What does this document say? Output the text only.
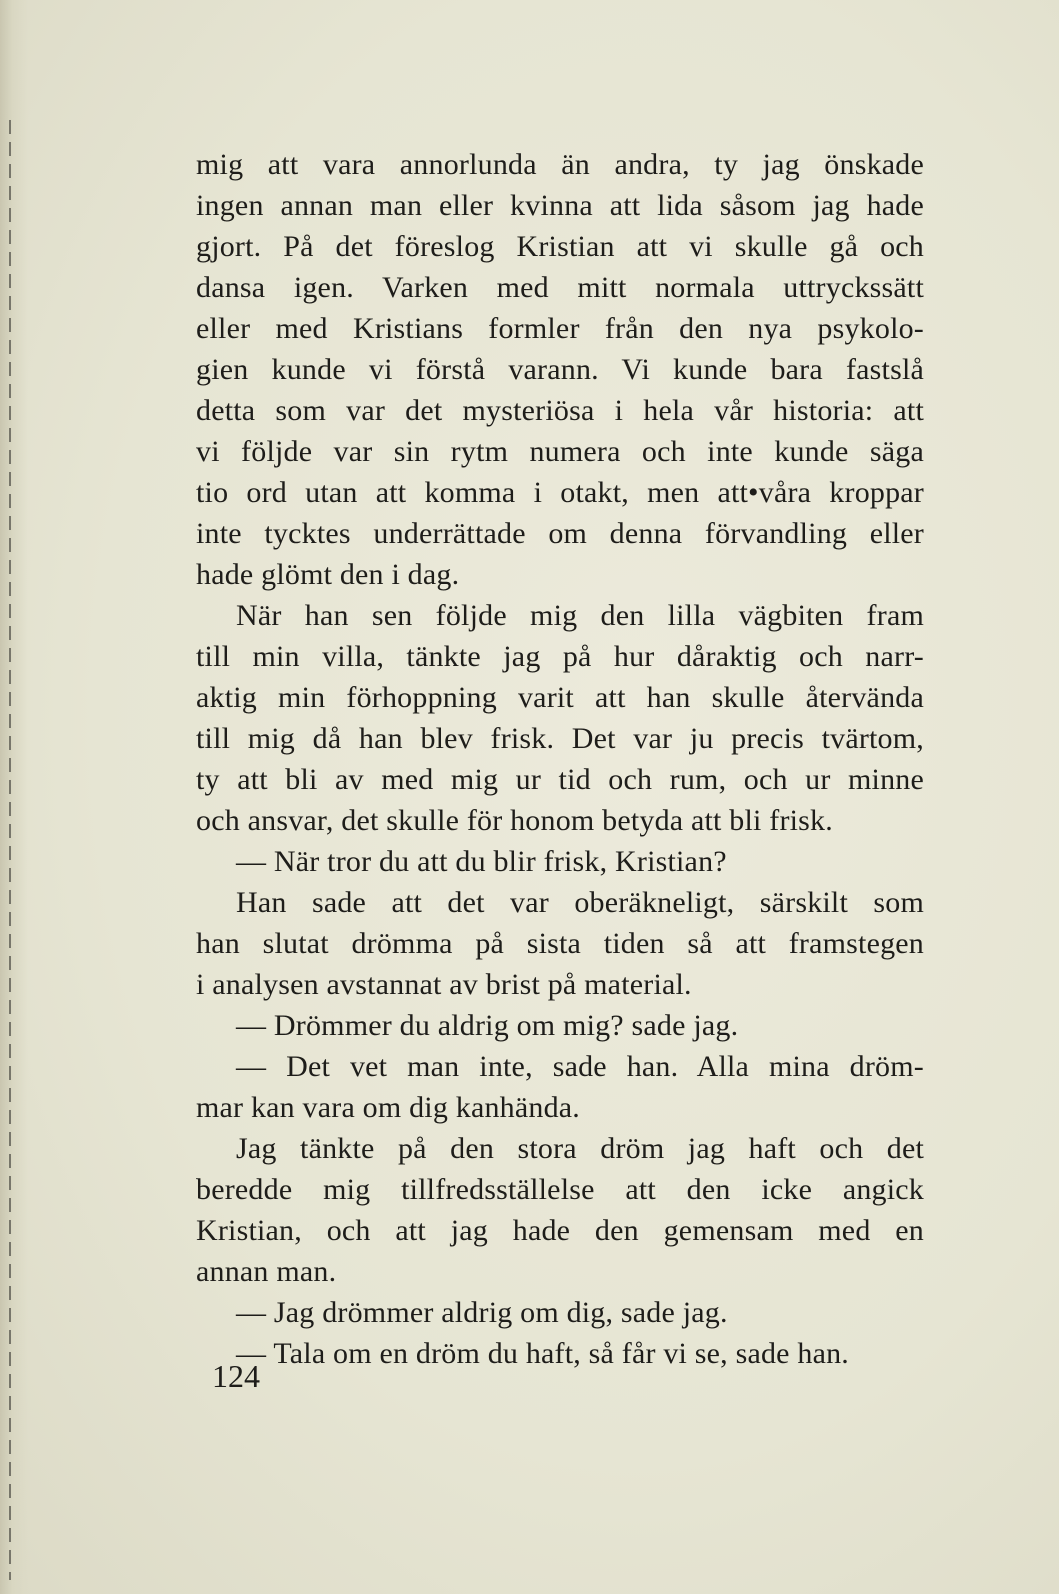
mig att vara annorlunda än andra, ty jag önskade
ingen annan man eller kvinna att lida såsom jag hade
gjort. På det föreslog Kristian att vi skulle gå och
dansa igen. Varken med mitt normala uttryckssätt
eller med Kristians formler från den nya psykolo-
gien kunde vi förstå varann. Vi kunde bara fastslå
detta som var det mysteriösa i hela vår historia: att
vi följde var sin rytm numera och inte kunde säga
tio ord utan att komma i otakt, men att•våra kroppar
inte tycktes underrättade om denna förvandling eller
hade glömt den i dag.
När han sen följde mig den lilla vägbiten fram
till min villa, tänkte jag på hur dåraktig och narr-
aktig min förhoppning varit att han skulle återvända
till mig då han blev frisk. Det var ju precis tvärtom,
ty att bli av med mig ur tid och rum, och ur minne
och ansvar, det skulle för honom betyda att bli frisk.
— När tror du att du blir frisk, Kristian?
Han sade att det var oberäkneligt, särskilt som
han slutat drömma på sista tiden så att framstegen
i analysen avstannat av brist på material.
— Drömmer du aldrig om mig? sade jag.
— Det vet man inte, sade han. Alla mina dröm-
mar kan vara om dig kanhända.
Jag tänkte på den stora dröm jag haft och det
beredde mig tillfredsställelse att den icke angick
Kristian, och att jag hade den gemensam med en
annan man.
— Jag drömmer aldrig om dig, sade jag.
— Tala om en dröm du haft, så får vi se, sade han.
124
